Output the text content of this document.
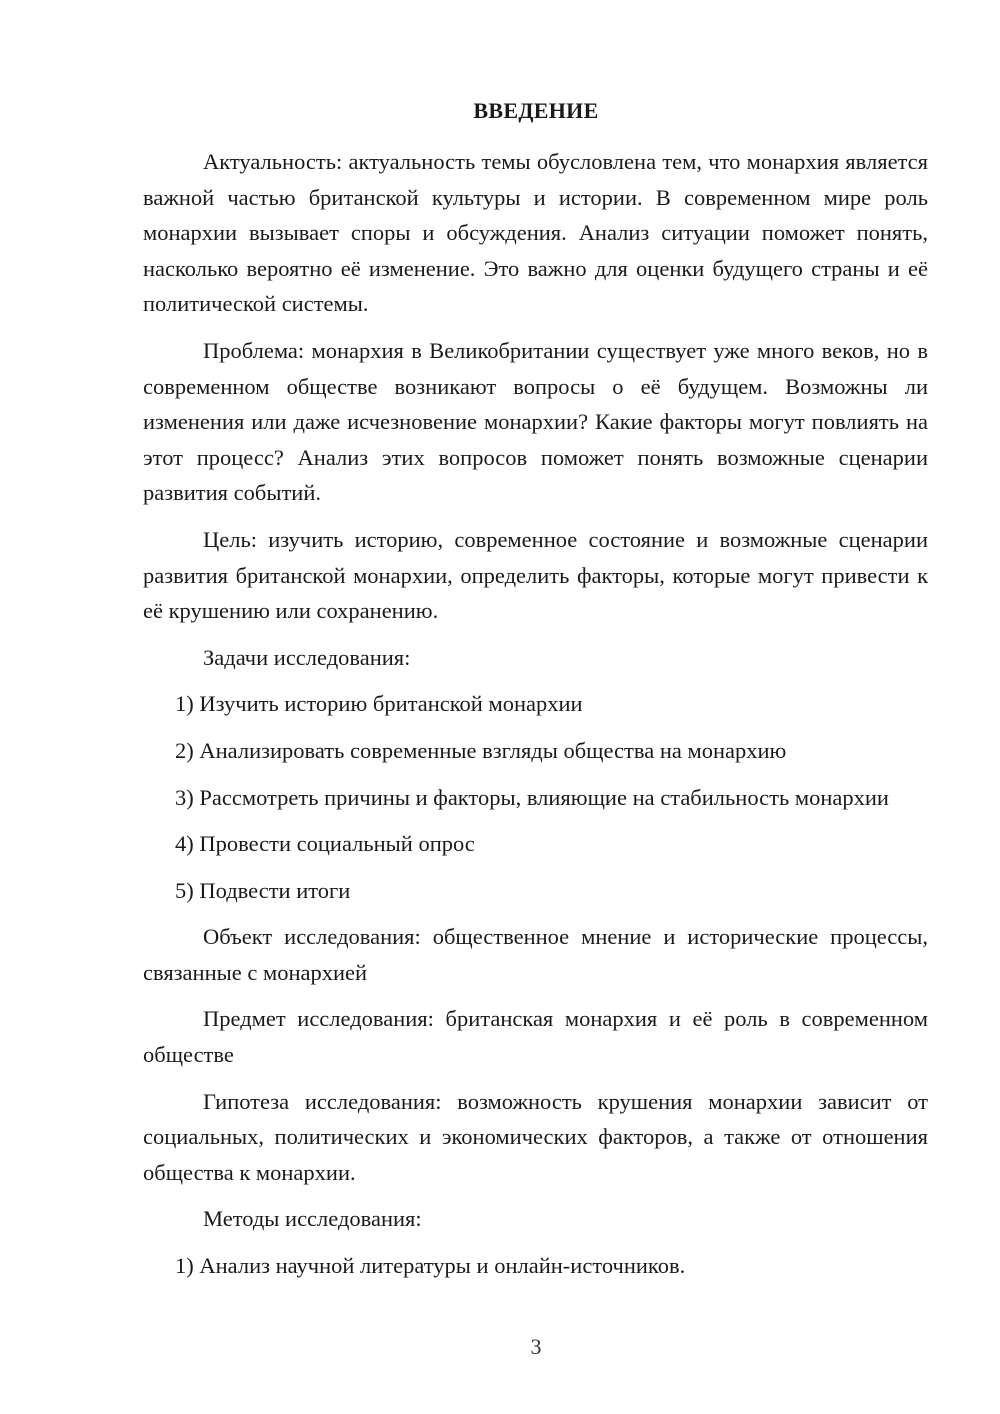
ВВЕДЕНИЕ

Актуальность: актуальность темы обусловлена тем, что монархия является важной частью британской культуры и истории. В современном мире роль монархии вызывает споры и обсуждения. Анализ ситуации поможет понять, насколько вероятно её изменение. Это важно для оценки будущего страны и её политической системы.

Проблема: монархия в Великобритании существует уже много веков, но в современном обществе возникают вопросы о её будущем. Возможны ли изменения или даже исчезновение монархии? Какие факторы могут повлиять на этот процесс? Анализ этих вопросов поможет понять возможные сценарии развития событий.

Цель: изучить историю, современное состояние и возможные сценарии развития британской монархии, определить факторы, которые могут привести к её крушению или сохранению.

Задачи исследования:

1) Изучить историю британской монархии

2) Анализировать современные взгляды общества на монархию

3) Рассмотреть причины и факторы, влияющие на стабильность монархии

4) Провести социальный опрос

5) Подвести итоги

Объект исследования: общественное мнение и исторические процессы, связанные с монархией

Предмет исследования: британская монархия и её роль в современном обществе

Гипотеза исследования: возможность крушения монархии зависит от социальных, политических и экономических факторов, а также от отношения общества к монархии.

Методы исследования:

1) Анализ научной литературы и онлайн-источников.

3
